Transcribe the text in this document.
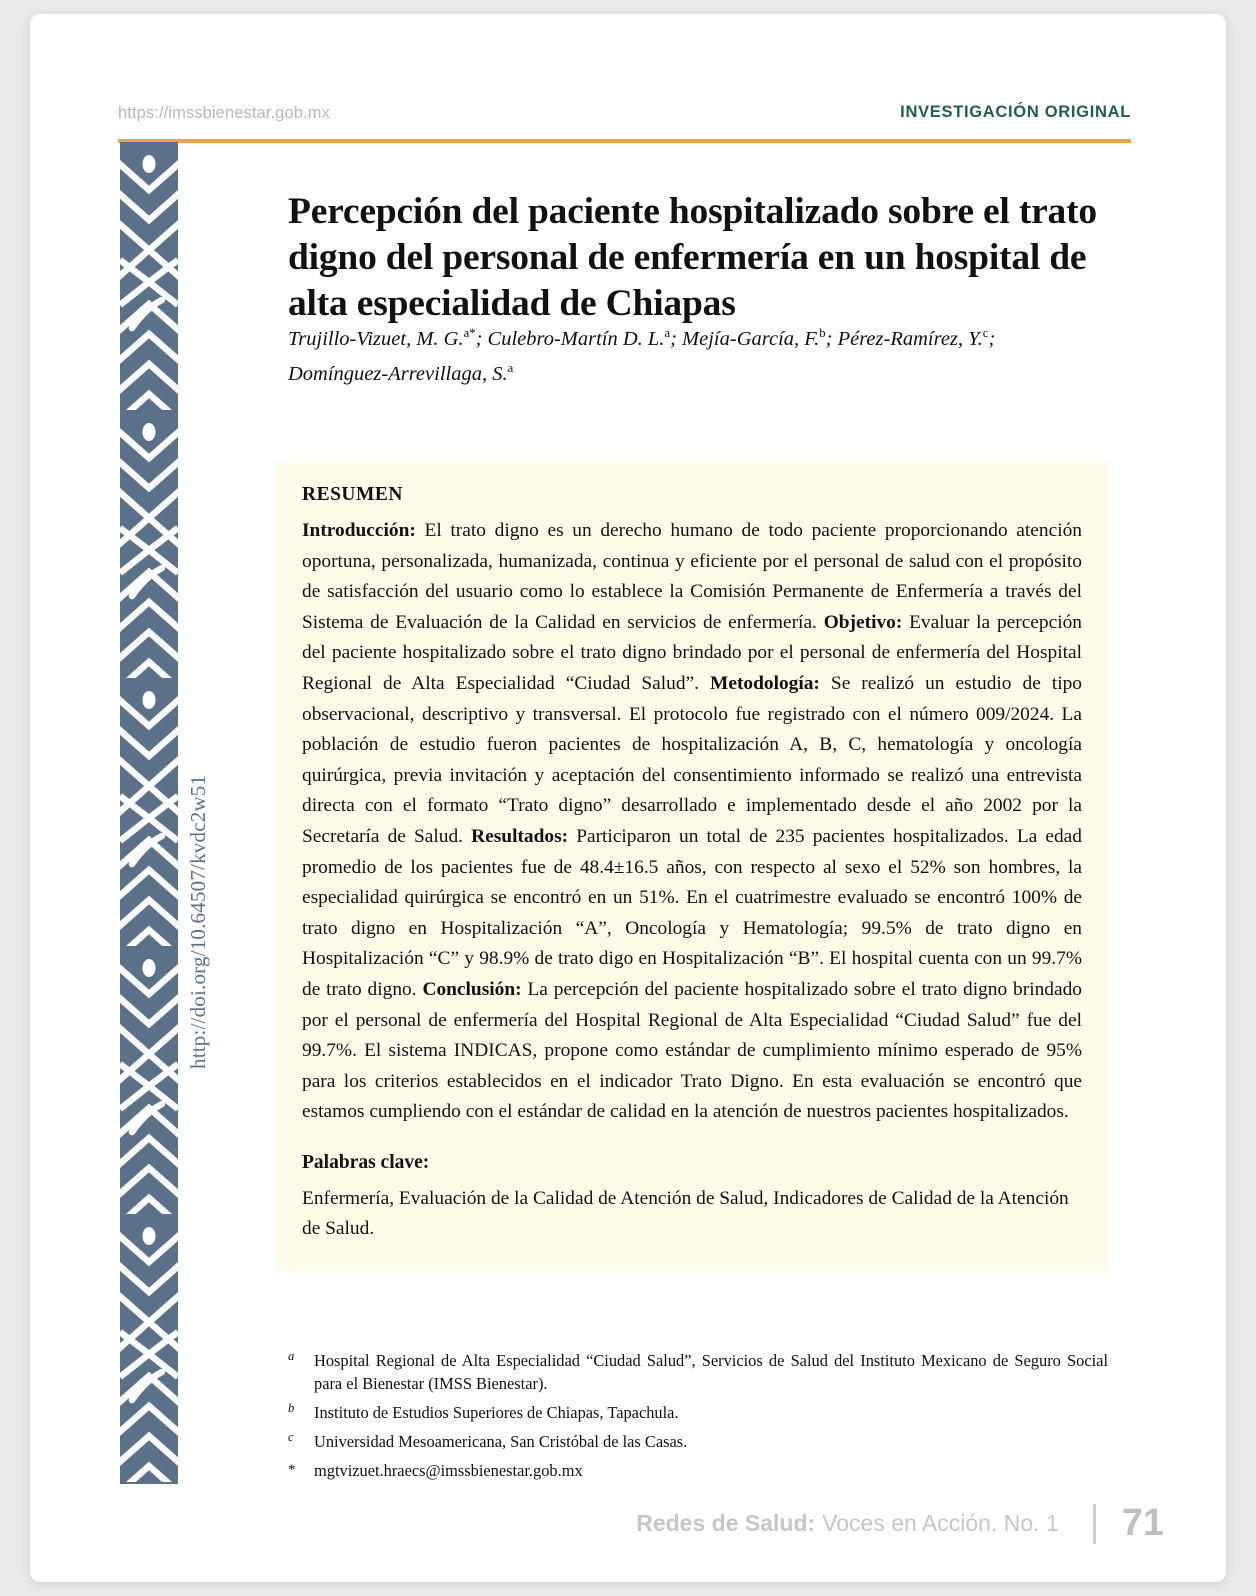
https://imssbienestar.gob.mx	INVESTIGACIÓN ORIGINAL
http://doi.org/10.64507/kvdc2w51
Percepción del paciente hospitalizado sobre el trato digno del personal de enfermería en un hospital de alta especialidad de Chiapas
Trujillo-Vizuet, M. G.$^{a*}$; Culebro-Martín D. L.$^a$; Mejía-García, F.$^b$; Pérez-Ramírez, Y.$^c$; Domínguez-Arrevillaga, S.$^a$
RESUMEN

Introducción: El trato digno es un derecho humano de todo paciente proporcionando atención oportuna, personalizada, humanizada, continua y eficiente por el personal de salud con el propósito de satisfacción del usuario como lo establece la Comisión Permanente de Enfermería a través del Sistema de Evaluación de la Calidad en servicios de enfermería. Objetivo: Evaluar la percepción del paciente hospitalizado sobre el trato digno brindado por el personal de enfermería del Hospital Regional de Alta Especialidad “Ciudad Salud”. Metodología: Se realizó un estudio de tipo observacional, descriptivo y transversal. El protocolo fue registrado con el número 009/2024. La población de estudio fueron pacientes de hospitalización A, B, C, hematología y oncología quirúrgica, previa invitación y aceptación del consentimiento informado se realizó una entrevista directa con el formato “Trato digno” desarrollado e implementado desde el año 2002 por la Secretaría de Salud. Resultados: Participaron un total de 235 pacientes hospitalizados. La edad promedio de los pacientes fue de 48.4±16.5 años, con respecto al sexo el 52% son hombres, la especialidad quirúrgica se encontró en un 51%. En el cuatrimestre evaluado se encontró 100% de trato digno en Hospitalización “A”, Oncología y Hematología; 99.5% de trato digno en Hospitalización “C” y 98.9% de trato digo en Hospitalización “B”. El hospital cuenta con un 99.7% de trato digno. Conclusión: La percepción del paciente hospitalizado sobre el trato digno brindado por el personal de enfermería del Hospital Regional de Alta Especialidad “Ciudad Salud” fue del 99.7%. El sistema INDICAS, propone como estándar de cumplimiento mínimo esperado de 95% para los criterios establecidos en el indicador Trato Digno. En esta evaluación se encontró que estamos cumpliendo con el estándar de calidad en la atención de nuestros pacientes hospitalizados.

Palabras clave:

Enfermería, Evaluación de la Calidad de Atención de Salud, Indicadores de Calidad de la Atención de Salud.

a Hospital Regional de Alta Especialidad “Ciudad Salud”, Servicios de Salud del Instituto Mexicano de Seguro Social para el Bienestar (IMSS Bienestar).
b Instituto de Estudios Superiores de Chiapas, Tapachula.
c Universidad Mesoamericana, San Cristóbal de las Casas.
* mgtvizuet.hraecs@imssbienestar.gob.mx
Redes de Salud: Voces en Acción. No. 1 71
